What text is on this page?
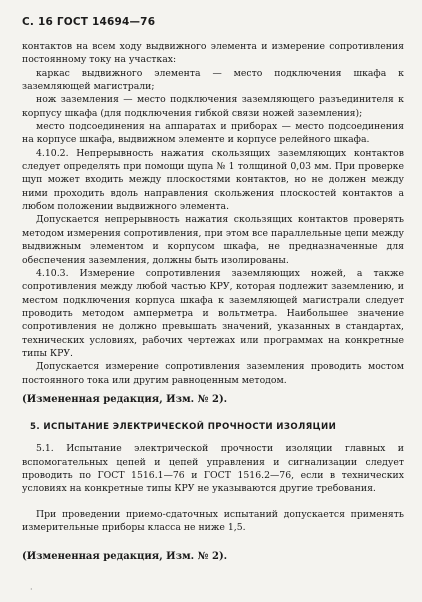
С. 16 ГОСТ 14694—76

контактов на всем ходу выдвижного элемента и измерение сопротивления постоянному току на участках:

каркас выдвижного элемента — место подключения шкафа к заземляющей магистрали;

нож заземления — место подключения заземляющего разъединителя к корпусу шкафа (для подключения гибкой связи ножей заземления);

место подсоединения на аппаратах и приборах — место подсоединения на корпусе шкафа, выдвижном элементе и корпусе релейного шкафа.

4.10.2. Непрерывность нажатия скользящих заземляющих контактов следует определять при помощи щупа № 1 толщиной 0,03 мм. При проверке щуп может входить между плоскостями контактов, но не должен между ними проходить вдоль направления скольжения плоскостей контактов а любом положении выдвижного элемента.

Допускается непрерывность нажатия скользящих контактов проверять методом измерения сопротивления, при этом все параллельные цепи между выдвижным элементом и корпусом шкафа, не предназначенные для обеспечения заземления, должны быть изолированы.

4.10.3. Измерение сопротивления заземляющих ножей, а также сопротивления между любой частью КРУ, которая подлежит заземлению, и местом подключения корпуса шкафа к заземляющей магистрали следует проводить методом амперметра и вольтметра. Наибольшее значение сопротивления не должно превышать значений, указанных в стандартах, технических условиях, рабочих чертежах или программах на конкретные типы КРУ.

Допускается измерение сопротивления заземления проводить мостом постоянного тока или другим равноценным методом.

(Измененная редакция, Изм. № 2).

5. ИСПЫТАНИЕ ЭЛЕКТРИЧЕСКОЙ ПРОЧНОСТИ ИЗОЛЯЦИИ

5.1. Испытание электрической прочности изоляции главных и вспомогательных цепей и цепей управления и сигнализации следует проводить по ГОСТ 1516.1—76 и ГОСТ 1516.2—76, если в технических условиях на конкретные типы КРУ не указываются другие требования.

При проведении приемо-сдаточных испытаний допускается применять измерительные приборы класса не ниже 1,5.

(Измененная редакция, Изм. № 2).

·
